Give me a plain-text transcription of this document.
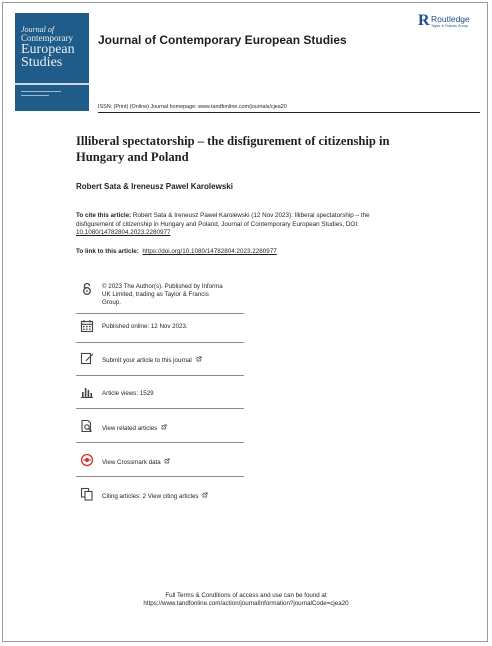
Journal of
Contemporary
European
Studies
Journal of Contemporary European Studies
R Routledge
Taylor & Francis Group
ISSN: (Print) (Online) Journal homepage: www.tandfonline.com/journals/cjea20
Illiberal spectatorship – the disfigurement of citizenship in Hungary and Poland
Robert Sata & Ireneusz Pawel Karolewski
To cite this article: Robert Sata & Ireneusz Pawel Karolewski (12 Nov 2023): Illiberal spectatorship – the disfigurement of citizenship in Hungary and Poland, Journal of Contemporary European Studies, DOI: 10.1080/14782804.2023.2280977
To link to this article: https://doi.org/10.1080/14782804.2023.2280977
© 2023 The Author(s). Published by Informa
UK Limited, trading as Taylor & Francis
Group.
Published online: 12 Nov 2023.
Submit your article to this journal
Article views: 1529
View related articles
View Crossmark data
Citing articles: 2 View citing articles
Full Terms & Conditions of access and use can be found at
https://www.tandfonline.com/action/journalInformation?journalCode=cjea20
